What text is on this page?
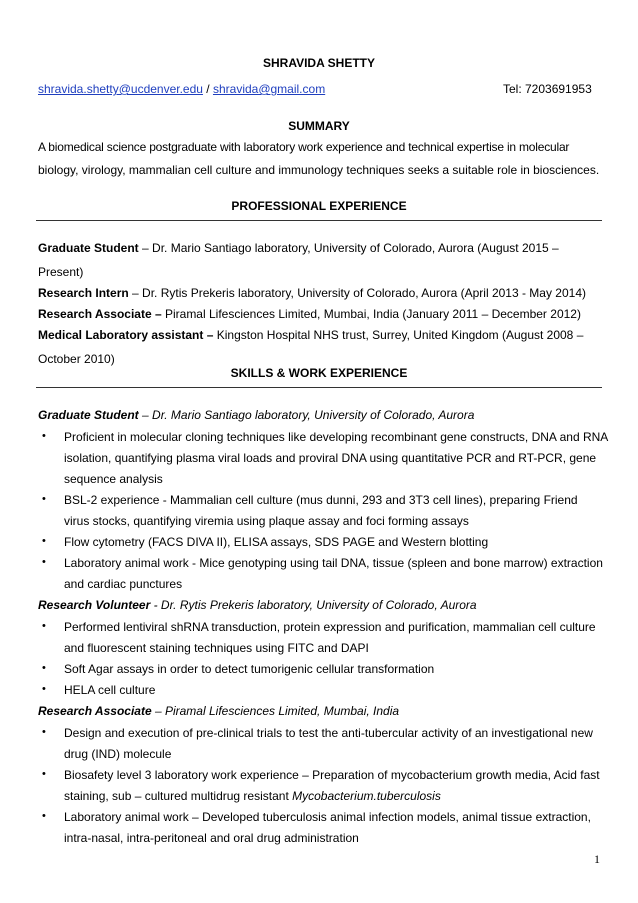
SHRAVIDA SHETTY
shravida.shetty@ucdenver.edu / shravida@gmail.com	Tel: 7203691953
SUMMARY
A biomedical science postgraduate with laboratory work experience and technical expertise in molecular
biology, virology, mammalian cell culture and immunology techniques seeks a suitable role in biosciences.
PROFESSIONAL EXPERIENCE
Graduate Student – Dr. Mario Santiago laboratory, University of Colorado, Aurora (August 2015 –
Present)
Research Intern – Dr. Rytis Prekeris laboratory, University of Colorado, Aurora (April 2013 - May 2014)
Research Associate – Piramal Lifesciences Limited, Mumbai, India (January 2011 – December 2012)
Medical Laboratory assistant – Kingston Hospital NHS trust, Surrey, United Kingdom (August 2008 –
October 2010)
SKILLS & WORK EXPERIENCE
Graduate Student – Dr. Mario Santiago laboratory, University of Colorado, Aurora
• Proficient in molecular cloning techniques like developing recombinant gene constructs, DNA and RNA
isolation, quantifying plasma viral loads and proviral DNA using quantitative PCR and RT-PCR, gene
sequence analysis
• BSL-2 experience - Mammalian cell culture (mus dunni, 293 and 3T3 cell lines), preparing Friend
virus stocks, quantifying viremia using plaque assay and foci forming assays
• Flow cytometry (FACS DIVA II), ELISA assays, SDS PAGE and Western blotting
• Laboratory animal work - Mice genotyping using tail DNA, tissue (spleen and bone marrow) extraction
and cardiac punctures
Research Volunteer - Dr. Rytis Prekeris laboratory, University of Colorado, Aurora
• Performed lentiviral shRNA transduction, protein expression and purification, mammalian cell culture
and fluorescent staining techniques using FITC and DAPI
• Soft Agar assays in order to detect tumorigenic cellular transformation
• HELA cell culture
Research Associate – Piramal Lifesciences Limited, Mumbai, India
• Design and execution of pre-clinical trials to test the anti-tubercular activity of an investigational new
drug (IND) molecule
• Biosafety level 3 laboratory work experience – Preparation of mycobacterium growth media, Acid fast
staining, sub – cultured multidrug resistant Mycobacterium.tuberculosis
• Laboratory animal work – Developed tuberculosis animal infection models, animal tissue extraction,
intra-nasal, intra-peritoneal and oral drug administration
1
